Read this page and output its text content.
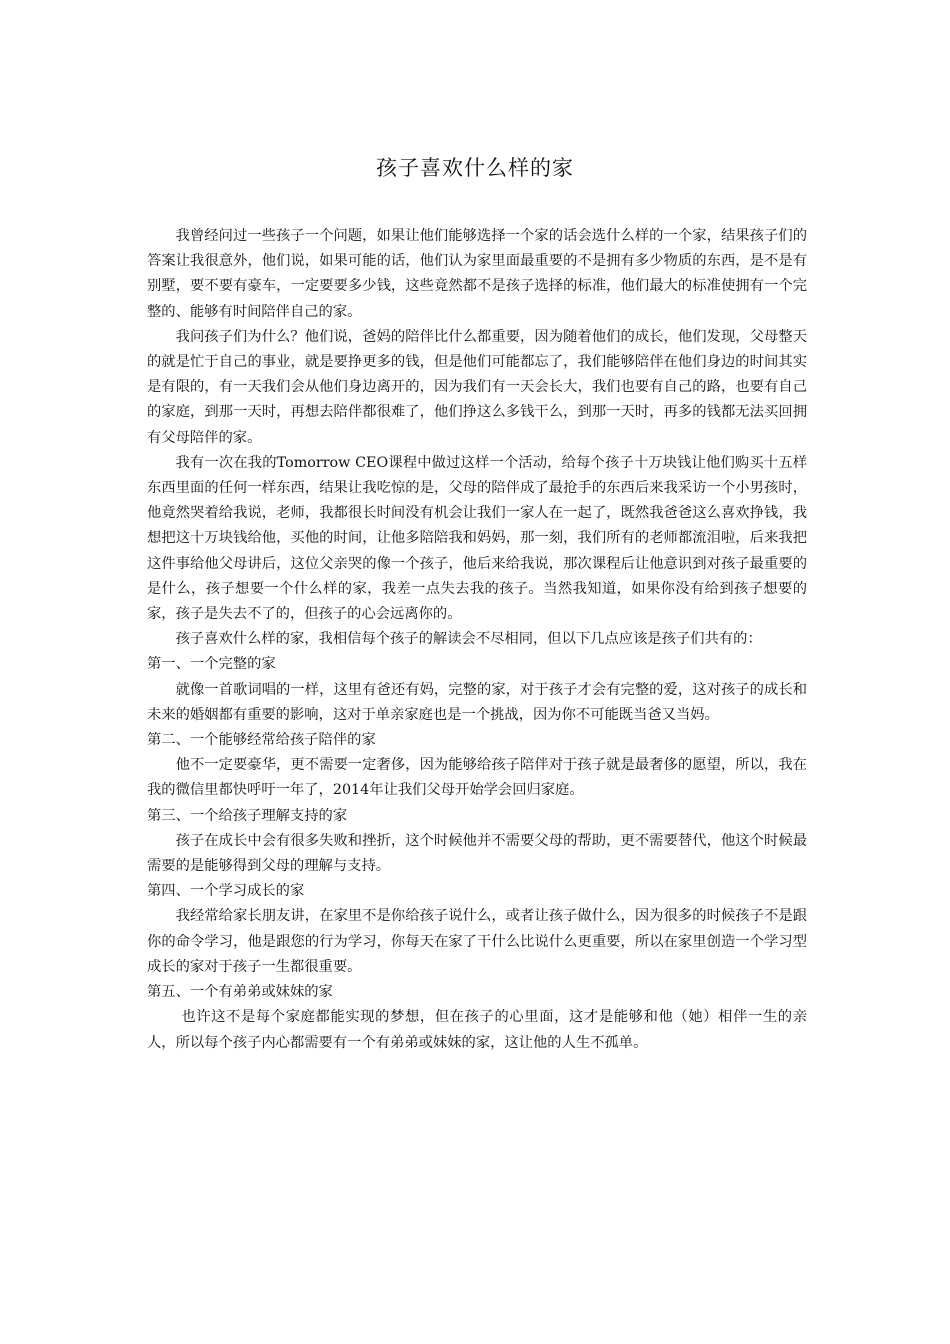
孩子喜欢什么样的家

我曾经问过一些孩子一个问题，如果让他们能够选择一个家的话会选什么样的一个家，结果孩子们的答案让我很意外，他们说，如果可能的话，他们认为家里面最重要的不是拥有多少物质的东西，是不是有别墅，要不要有豪车，一定要要多少钱，这些竟然都不是孩子选择的标准，他们最大的标准使拥有一个完整的、能够有时间陪伴自己的家。

我问孩子们为什么？他们说，爸妈的陪伴比什么都重要，因为随着他们的成长，他们发现，父母整天的就是忙于自己的事业，就是要挣更多的钱，但是他们可能都忘了，我们能够陪伴在他们身边的时间其实是有限的，有一天我们会从他们身边离开的，因为我们有一天会长大，我们也要有自己的路，也要有自己的家庭，到那一天时，再想去陪伴都很难了，他们挣这么多钱干么，到那一天时，再多的钱都无法买回拥有父母陪伴的家。

我有一次在我的Tomorrow CEO课程中做过这样一个活动，给每个孩子十万块钱让他们购买十五样东西里面的任何一样东西，结果让我吃惊的是，父母的陪伴成了最抢手的东西后来我采访一个小男孩时，他竟然哭着给我说，老师，我都很长时间没有机会让我们一家人在一起了，既然我爸爸这么喜欢挣钱，我想把这十万块钱给他，买他的时间，让他多陪陪我和妈妈，那一刻，我们所有的老师都流泪啦，后来我把这件事给他父母讲后，这位父亲哭的像一个孩子，他后来给我说，那次课程后让他意识到对孩子最重要的是什么，孩子想要一个什么样的家，我差一点失去我的孩子。当然我知道，如果你没有给到孩子想要的家，孩子是失去不了的，但孩子的心会远离你的。

孩子喜欢什么样的家，我相信每个孩子的解读会不尽相同，但以下几点应该是孩子们共有的：

第一、一个完整的家

就像一首歌词唱的一样，这里有爸还有妈，完整的家，对于孩子才会有完整的爱，这对孩子的成长和未来的婚姻都有重要的影响，这对于单亲家庭也是一个挑战，因为你不可能既当爸又当妈。

第二、一个能够经常给孩子陪伴的家

他不一定要豪华，更不需要一定奢侈，因为能够给孩子陪伴对于孩子就是最奢侈的愿望，所以，我在我的微信里都快呼吁一年了，2014年让我们父母开始学会回归家庭。

第三、一个给孩子理解支持的家

孩子在成长中会有很多失败和挫折，这个时候他并不需要父母的帮助，更不需要替代，他这个时候最需要的是能够得到父母的理解与支持。

第四、一个学习成长的家

我经常给家长朋友讲，在家里不是你给孩子说什么，或者让孩子做什么，因为很多的时候孩子不是跟你的命令学习，他是跟您的行为学习，你每天在家了干什么比说什么更重要，所以在家里创造一个学习型成长的家对于孩子一生都很重要。

第五、一个有弟弟或妹妹的家

也许这不是每个家庭都能实现的梦想，但在孩子的心里面，这才是能够和他（她）相伴一生的亲人，所以每个孩子内心都需要有一个有弟弟或妹妹的家，这让他的人生不孤单。
